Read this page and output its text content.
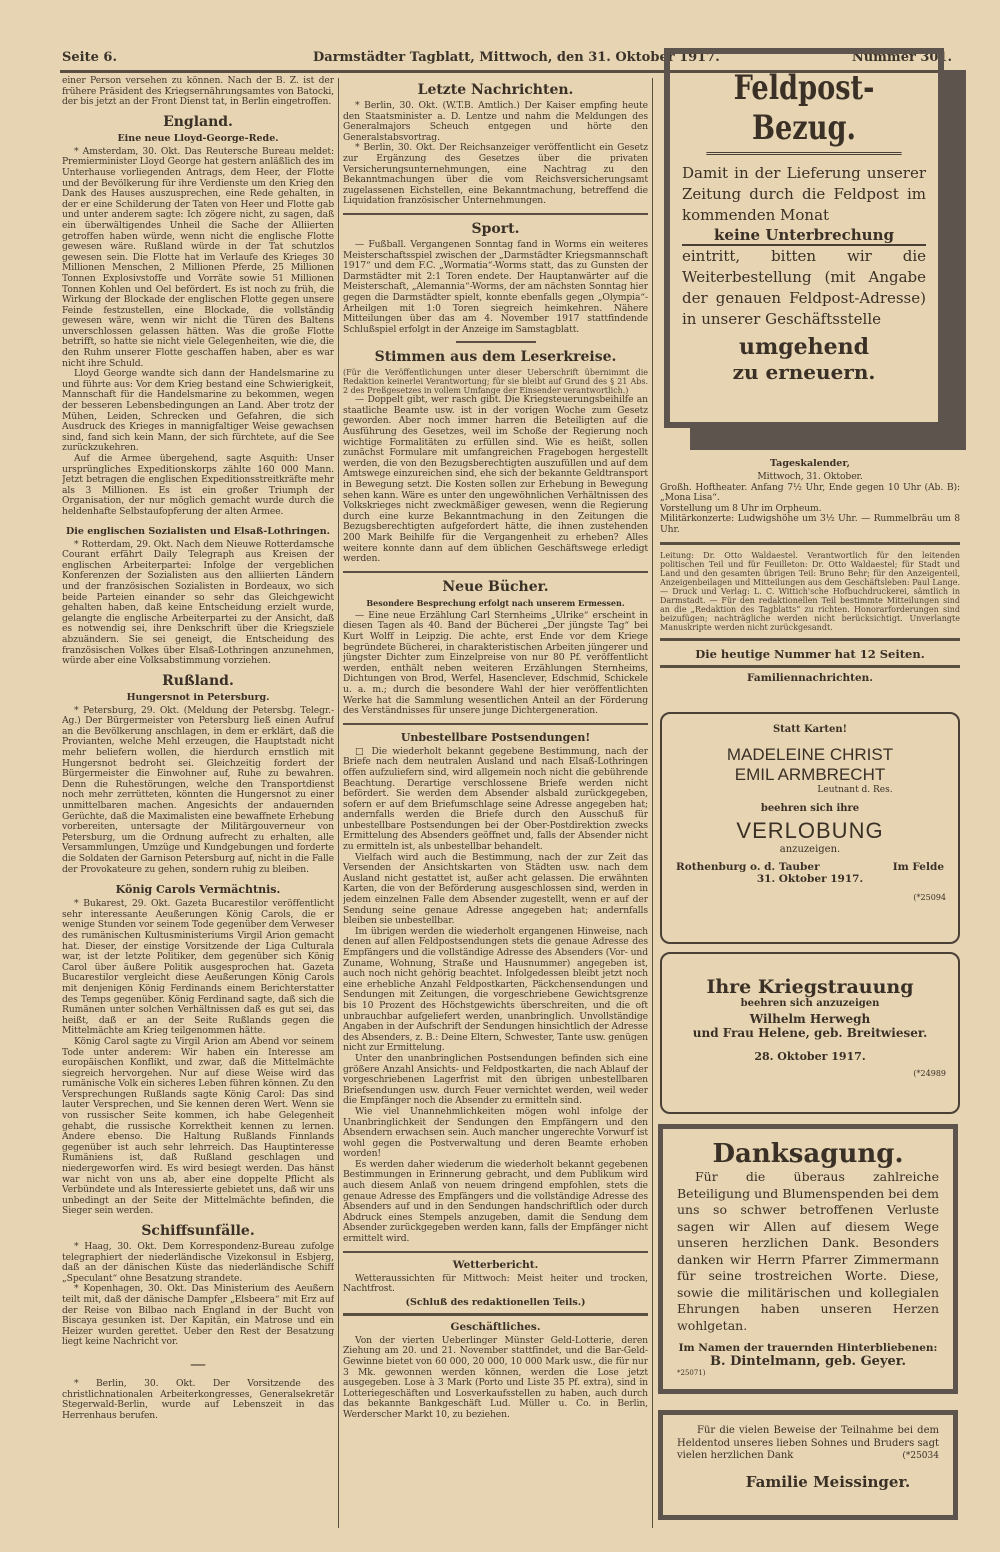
Seite 6.	Darmstädter Tagblatt, Mittwoch, den 31. Oktober 1917.	Nummer 301.

einer Person versehen zu können. Nach der B. Z. ist der frühere Präsident des Kriegsernährungsamtes von Batocki, der bis jetzt an der Front Dienst tat, in Berlin eingetroffen.

England.
Eine neue Lloyd-George-Rede.

* Amsterdam, 30. Okt. Das Reutersche Bureau meldet: Premierminister Lloyd George hat gestern anläßlich des im Unterhause vorliegenden Antrags, dem Heer, der Flotte und der Bevölkerung für ihre Verdienste um den Krieg den Dank des Hauses auszusprechen, eine Rede gehalten, in der er eine Schilderung der Taten von Heer und Flotte gab und unter anderem sagte: Ich zögere nicht, zu sagen, daß ein überwältigendes Unheil die Sache der Alliierten getroffen haben würde, wenn nicht die englische Flotte gewesen wäre. Rußland würde in der Tat schutzlos gewesen sein. Die Flotte hat im Verlaufe des Krieges 30 Millionen Menschen, 2 Millionen Pferde, 25 Millionen Tonnen Explosivstoffe und Vorräte sowie 51 Millionen Tonnen Kohlen und Oel befördert. Es ist noch zu früh, die Wirkung der Blockade der englischen Flotte gegen unsere Feinde festzustellen, eine Blockade, die vollständig gewesen wäre, wenn wir nicht die Türen des Baltens unverschlossen gelassen hätten. Was die große Flotte betrifft, so hatte sie nicht viele Gelegenheiten, wie die, die den Ruhm unserer Flotte geschaffen haben, aber es war nicht ihre Schuld.

Lloyd George wandte sich dann der Handelsmarine zu und führte aus: Vor dem Krieg bestand eine Schwierigkeit, Mannschaft für die Handelsmarine zu bekommen, wegen der besseren Lebensbedingungen an Land. Aber trotz der Mühen, Leiden, Schrecken und Gefahren, die sich Ausdruck des Krieges in mannigfaltiger Weise gewachsen sind, fand sich kein Mann, der sich fürchtete, auf die See zurückzukehren.

Auf die Armee übergehend, sagte Asquith: Unser ursprüngliches Expeditionskorps zählte 160 000 Mann. Jetzt betragen die englischen Expeditionsstreitkräfte mehr als 3 Millionen. Es ist ein großer Triumph der Organisation, der nur möglich gemacht wurde durch die heldenhafte Selbstaufopferung der alten Armee.

Die englischen Sozialisten und Elsaß-Lothringen.

* Rotterdam, 29. Okt. Nach dem Nieuwe Rotterdamsche Courant erfährt Daily Telegraph aus Kreisen der englischen Arbeiterpartei: Infolge der vergeblichen Konferenzen der Sozialisten aus den alliierten Ländern und der französischen Sozialisten in Bordeaux, wo sich beide Parteien einander so sehr das Gleichgewicht gehalten haben, daß keine Entscheidung erzielt wurde, gelangte die englische Arbeiterpartei zu der Ansicht, daß es notwendig sei, ihre Denkschrift über die Kriegsziele abzuändern. Sie sei geneigt, die Entscheidung des französischen Volkes über Elsaß-Lothringen anzunehmen, würde aber eine Volksabstimmung vorziehen.

Rußland.
Hungersnot in Petersburg.

* Petersburg, 29. Okt. (Meldung der Petersbg. Telegr.-Ag.) Der Bürgermeister von Petersburg ließ einen Aufruf an die Bevölkerung anschlagen, in dem er erklärt, daß die Provianten, welche Mehl erzeugen, die Hauptstadt nicht mehr beliefern wollen, die hierdurch ernstlich mit Hungersnot bedroht sei. Gleichzeitig fordert der Bürgermeister die Einwohner auf, Ruhe zu bewahren. Denn die Ruhestörungen, welche den Transportdienst noch mehr zerrütteten, könnten die Hungersnot zu einer unmittelbaren machen. Angesichts der andauernden Gerüchte, daß die Maximalisten eine bewaffnete Erhebung vorbereiten, untersagte der Militärgouverneur von Petersburg, um die Ordnung aufrecht zu erhalten, alle Versammlungen, Umzüge und Kundgebungen und forderte die Soldaten der Garnison Petersburg auf, nicht in die Falle der Provokateure zu gehen, sondern ruhig zu bleiben.

König Carols Vermächtnis.

* Bukarest, 29. Okt. Gazeta Bucarestilor veröffentlicht sehr interessante Aeußerungen König Carols, die er wenige Stunden vor seinem Tode gegenüber dem Verweser des rumänischen Kultusministeriums Virgil Arion gemacht hat. Dieser, der einstige Vorsitzende der Liga Culturala war, ist der letzte Politiker, dem gegenüber sich König Carol über äußere Politik ausgesprochen hat. Gazeta Bucarestilor vergleicht diese Aeußerungen König Carols mit denjenigen König Ferdinands einem Berichterstatter des Temps gegenüber. König Ferdinand sagte, daß sich die Rumänen unter solchen Verhältnissen daß es gut sei, das heißt, daß er an der Seite Rußlands gegen die Mittelmächte am Krieg teilgenommen hätte.

König Carol sagte zu Virgil Arion am Abend vor seinem Tode unter anderem: Wir haben ein Interesse am europäischen Konflikt, und zwar, daß die Mittelmächte siegreich hervorgehen. Nur auf diese Weise wird das rumänische Volk ein sicheres Leben führen können. Zu den Versprechungen Rußlands sagte König Carol: Das sind lauter Versprechen, und Sie kennen deren Wert. Wenn sie von russischer Seite kommen, ich habe Gelegenheit gehabt, die russische Korrektheit kennen zu lernen. Andere ebenso. Die Haltung Rußlands Finnlands gegenüber ist auch sehr lehrreich. Das Hauptinteresse Rumäniens ist, daß Rußland geschlagen und niedergeworfen wird. Es wird besiegt werden. Das hänst war nicht von uns ab, aber eine doppelte Pflicht als Verbündete und als Interessierte gebietet uns, daß wir uns unbedingt an der Seite der Mittelmächte befinden, die Sieger sein werden.

Schiffsunfälle.

* Haag, 30. Okt. Dem Korrespondenz-Bureau zufolge telegraphiert der niederländische Vizekonsul in Esbjerg, daß an der dänischen Küste das niederländische Schiff „Speculant“ ohne Besatzung strandete.

* Kopenhagen, 30. Okt. Das Ministerium des Aeußern teilt mit, daß der dänische Dampfer „Elsbeera“ mit Erz auf der Reise von Bilbao nach England in der Bucht von Biscaya gesunken ist. Der Kapitän, ein Matrose und ein Heizer wurden gerettet. Ueber den Rest der Besatzung liegt keine Nachricht vor.

—

* Berlin, 30. Okt. Der Vorsitzende des christlichnationalen Arbeiterkongresses, Generalsekretär Stegerwald-Berlin, wurde auf Lebenszeit in das Herrenhaus berufen.

Letzte Nachrichten.

* Berlin, 30. Okt. (W.T.B. Amtlich.) Der Kaiser empfing heute den Staatsminister a. D. Lentze und nahm die Meldungen des Generalmajors Scheuch entgegen und hörte den Generalstabsvortrag.

* Berlin, 30. Okt. Der Reichsanzeiger veröffentlicht ein Gesetz zur Ergänzung des Gesetzes über die privaten Versicherungsunternehmungen, eine Nachtrag zu den Bekanntmachungen über die vom Reichsversicherungsamt zugelassenen Eichstellen, eine Bekanntmachung, betreffend die Liquidation französischer Unternehmungen.

Sport.

— Fußball. Vergangenen Sonntag fand in Worms ein weiteres Meisterschaftsspiel zwischen der „Darmstädter Kriegsmannschaft 1917“ und dem F.C. „Wormatia“-Worms statt, das zu Gunsten der Darmstädter mit 2:1 Toren endete. Der Hauptanwärter auf die Meisterschaft, „Alemannia“-Worms, der am nächsten Sonntag hier gegen die Darmstädter spielt, konnte ebenfalls gegen „Olympia“-Arheilgen mit 1:0 Toren siegreich heimkehren. Nähere Mitteilungen über das am 4. November 1917 stattfindende Schlußspiel erfolgt in der Anzeige im Samstagblatt.

Stimmen aus dem Leserkreise.

(Für die Veröffentlichungen unter dieser Ueberschrift übernimmt die Redaktion keinerlei Verantwortung; für sie bleibt auf Grund des § 21 Abs. 2 des Preßgesetzes in vollem Umfange der Einsender verantwortlich.)

— Doppelt gibt, wer rasch gibt. Die Kriegsteuerungsbeihilfe an staatliche Beamte usw. ist in der vorigen Woche zum Gesetz geworden. Aber noch immer harren die Beteiligten auf die Ausführung des Gesetzes, weil im Schoße der Regierung noch wichtige Formalitäten zu erfüllen sind. Wie es heißt, sollen zunächst Formulare mit umfangreichen Fragebogen hergestellt werden, die von den Bezugsberechtigten auszufüllen und auf dem Amtswege einzureichen sind, ehe sich der bekannte Geldtransport in Bewegung setzt. Die Kosten sollen zur Erhebung in Bewegung sehen kann. Wäre es unter den ungewöhnlichen Verhältnissen des Volkskrieges nicht zweckmäßiger gewesen, wenn die Regierung durch eine kurze Bekanntmachung in den Zeitungen die Bezugsberechtigten aufgefordert hätte, die ihnen zustehenden 200 Mark Beihilfe für die Vergangenheit zu erheben? Alles weitere konnte dann auf dem üblichen Geschäftswege erledigt werden.

Neue Bücher.
Besondere Besprechung erfolgt nach unserem Ermessen.

— Eine neue Erzählung Carl Sternheims „Ulrike“ erscheint in diesen Tagen als 40. Band der Bücherei „Der jüngste Tag“ bei Kurt Wolff in Leipzig. Die achte, erst Ende vor dem Kriege begründete Bücherei, in charakteristischen Arbeiten jüngerer und jüngster Dichter zum Einzelpreise von nur 80 Pf. veröffentlicht werden, enthält neben weiteren Erzählungen Sternheims, Dichtungen von Brod, Werfel, Hasenclever, Edschmid, Schickele u. a. m.; durch die besondere Wahl der hier veröffentlichten Werke hat die Sammlung wesentlichen Anteil an der Förderung des Verständnisses für unsere junge Dichtergeneration.

Unbestellbare Postsendungen!

□ Die wiederholt bekannt gegebene Bestimmung, nach der Briefe nach dem neutralen Ausland und nach Elsaß-Lothringen offen aufzuliefern sind, wird allgemein noch nicht die gebührende Beachtung. Derartige verschlossene Briefe werden nicht befördert. Sie werden dem Absender alsbald zurückgegeben, sofern er auf dem Briefumschlage seine Adresse angegeben hat; andernfalls werden die Briefe durch den Ausschuß für unbestellbare Postsendungen bei der Ober-Postdirektion zwecks Ermittelung des Absenders geöffnet und, falls der Absender nicht zu ermitteln ist, als unbestellbar behandelt.

Vielfach wird auch die Bestimmung, nach der zur Zeit das Versenden der Ansichtskarten von Städten usw. nach dem Ausland nicht gestattet ist, außer acht gelassen. Die erwähnten Karten, die von der Beförderung ausgeschlossen sind, werden in jedem einzelnen Falle dem Absender zugestellt, wenn er auf der Sendung seine genaue Adresse angegeben hat; andernfalls bleiben sie unbestellbar.

Im übrigen werden die wiederholt ergangenen Hinweise, nach denen auf allen Feldpostsendungen stets die genaue Adresse des Empfängers und die vollständige Adresse des Absenders (Vor- und Zuname, Wohnung, Straße und Hausnummer) angegeben ist, auch noch nicht gehörig beachtet. Infolgedessen bleibt jetzt noch eine erhebliche Anzahl Feldpostkarten, Päckchensendungen und Sendungen mit Zeitungen, die vorgeschriebene Gewichtsgrenze bis 10 Prozent des Höchstgewichts überschreiten, und die oft unbrauchbar aufgeliefert werden, unanbringlich. Unvollständige Angaben in der Aufschrift der Sendungen hinsichtlich der Adresse des Absenders, z. B.: Deine Eltern, Schwester, Tante usw. genügen nicht zur Ermittelung.

Unter den unanbringlichen Postsendungen befinden sich eine größere Anzahl Ansichts- und Feldpostkarten, die nach Ablauf der vorgeschriebenen Lagerfrist mit den übrigen unbestellbaren Briefsendungen usw. durch Feuer vernichtet werden, weil weder die Empfänger noch die Absender zu ermitteln sind.

Wie viel Unannehmlichkeiten mögen wohl infolge der Unanbringlichkeit der Sendungen den Empfängern und den Absendern erwachsen sein. Auch mancher ungerechte Vorwurf ist wohl gegen die Postverwaltung und deren Beamte erhoben worden!

Es werden daher wiederum die wiederholt bekannt gegebenen Bestimmungen in Erinnerung gebracht, und dem Publikum wird auch diesem Anlaß von neuem dringend empfohlen, stets die genaue Adresse des Empfängers und die vollständige Adresse des Absenders auf und in den Sendungen handschriftlich oder durch Abdruck eines Stempels anzugeben, damit die Sendung dem Absender zurückgegeben werden kann, falls der Empfänger nicht ermittelt wird.

Wetterbericht.

Wetteraussichten für Mittwoch: Meist heiter und trocken, Nachtfrost.

(Schluß des redaktionellen Teils.)
Geschäftliches.

Von der vierten Ueberlinger Münster Geld-Lotterie, deren Ziehung am 20. und 21. November stattfindet, und die Bar-Geld-Gewinne bietet von 60 000, 20 000, 10 000 Mark usw., die für nur 3 Mk. gewonnen werden können, werden die Lose jetzt ausgegeben. Lose à 3 Mark (Porto und Liste 35 Pf. extra), sind in Lotteriegeschäften und Losverkaufsstellen zu haben, auch durch das bekannte Bankgeschäft Lud. Müller u. Co. in Berlin, Werderscher Markt 10, zu beziehen.

Feldpost-Bezug.

Damit in der Lieferung unserer Zeitung durch die Feldpost im kommenden Monat

keine Unterbrechung

eintritt, bitten wir die Weiterbestellung (mit Angabe der genauen Feldpost-Adresse) in unserer Geschäftsstelle

umgehend
zu erneuern.
Tageskalender,
Mittwoch, 31. Oktober.

Großh. Hoftheater. Anfang 7½ Uhr, Ende gegen 10 Uhr (Ab. B): „Mona Lisa“.

Vorstellung um 8 Uhr im Orpheum.

Militärkonzerte: Ludwigshöhe um 3½ Uhr. — Rummelbräu um 8 Uhr.

Leitung: Dr. Otto Waldaestel. Verantwortlich für den leitenden politischen Teil und für Feuilleton: Dr. Otto Waldaestel; für Stadt und Land und den gesamten übrigen Teil: Bruno Behr; für den Anzeigenteil, Anzeigenbeilagen und Mitteilungen aus dem Geschäftsleben: Paul Lange. — Druck und Verlag: L. C. Wittich'sche Hofbuchdruckerei, sämtlich in Darmstadt. — Für den redaktionellen Teil bestimmte Mitteilungen sind an die „Redaktion des Tagblatts“ zu richten. Honorarforderungen sind beizufügen; nachträgliche werden nicht berücksichtigt. Unverlangte Manuskripte werden nicht zurückgesandt.

Die heutige Nummer hat 12 Seiten.
Familiennachrichten.
Statt Karten!
MADELEINE CHRIST
EMIL ARMBRECHT
Leutnant d. Res.
beehren sich ihre
VERLOBUNG
anzuzeigen.
Rothenburg o. d. Tauber	Im Felde
31. Oktober 1917.
(*25094
Ihre Kriegstrauung
beehren sich anzuzeigen
Wilhelm Herwegh
und Frau Helene, geb. Breitwieser.
28. Oktober 1917.
(*24989
Danksagung.

Für die überaus zahlreiche Beteiligung und Blumenspenden bei dem uns so schwer betroffenen Verluste sagen wir Allen auf diesem Wege unseren herzlichen Dank. Besonders danken wir Herrn Pfarrer Zimmermann für seine trostreichen Worte. Diese, sowie die militärischen und kollegialen Ehrungen haben unseren Herzen wohlgetan.

Im Namen der trauernden Hinterbliebenen:
B. Dintelmann, geb. Geyer.
*25071)

Für die vielen Beweise der Teilnahme bei dem Heldentod unseres lieben Sohnes und Bruders sagt vielen herzlichen Dank	(*25034

Familie Meissinger.
